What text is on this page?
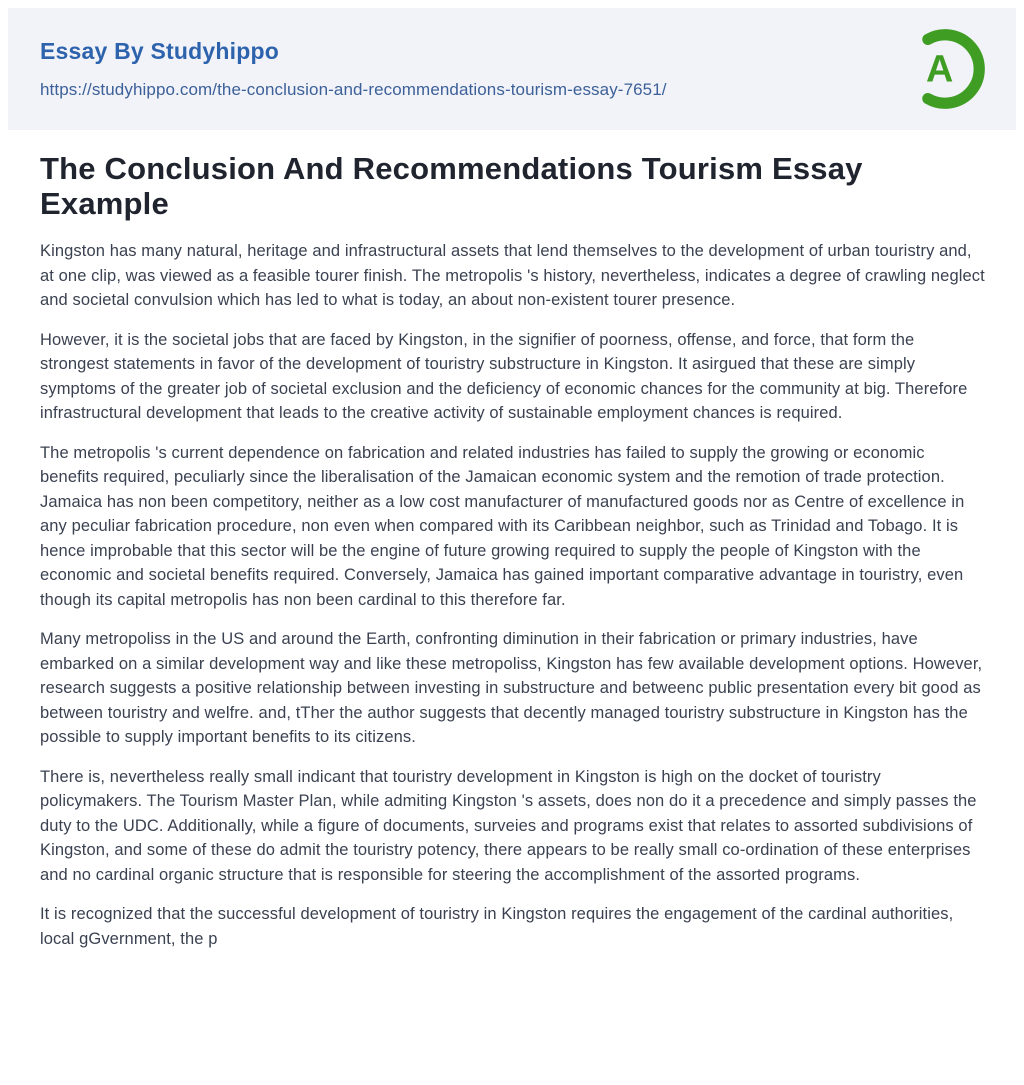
Essay By Studyhippo
https://studyhippo.com/the-conclusion-and-recommendations-tourism-essay-7651/	A
The Conclusion And Recommendations Tourism Essay Example

Kingston has many natural, heritage and infrastructural assets that lend themselves to the development of urban touristry and, at one clip, was viewed as a feasible tourer finish. The metropolis 's history, nevertheless, indicates a degree of crawling neglect and societal convulsion which has led to what is today, an about non-existent tourer presence.

However, it is the societal jobs that are faced by Kingston, in the signifier of poorness, offense, and force, that form the strongest statements in favor of the development of touristry substructure in Kingston. It asirgued that these are simply symptoms of the greater job of societal exclusion and the deficiency of economic chances for the community at big. Therefore infrastructural development that leads to the creative activity of sustainable employment chances is required.

The metropolis 's current dependence on fabrication and related industries has failed to supply the growing or economic benefits required, peculiarly since the liberalisation of the Jamaican economic system and the remotion of trade protection. Jamaica has non been competitory, neither as a low cost manufacturer of manufactured goods nor as Centre of excellence in any peculiar fabrication procedure, non even when compared with its Caribbean neighbor, such as Trinidad and Tobago. It is hence improbable that this sector will be the engine of future growing required to supply the people of Kingston with the economic and societal benefits required. Conversely, Jamaica has gained important comparative advantage in touristry, even though its capital metropolis has non been cardinal to this therefore far.

Many metropoliss in the US and around the Earth, confronting diminution in their fabrication or primary industries, have embarked on a similar development way and like these metropoliss, Kingston has few available development options. However, research suggests a positive relationship between investing in substructure and betweenc public presentation every bit good as between touristry and welfre. and, tTher the author suggests that decently managed touristry substructure in Kingston has the possible to supply important benefits to its citizens.

There is, nevertheless really small indicant that touristry development in Kingston is high on the docket of touristry policymakers. The Tourism Master Plan, while admiting Kingston 's assets, does non do it a precedence and simply passes the duty to the UDC. Additionally, while a figure of documents, surveies and programs exist that relates to assorted subdivisions of Kingston, and some of these do admit the touristry potency, there appears to be really small co-ordination of these enterprises and no cardinal organic structure that is responsible for steering the accomplishment of the assorted programs.

It is recognized that the successful development of touristry in Kingston requires the engagement of the cardinal authorities, local gGvernment, the p
